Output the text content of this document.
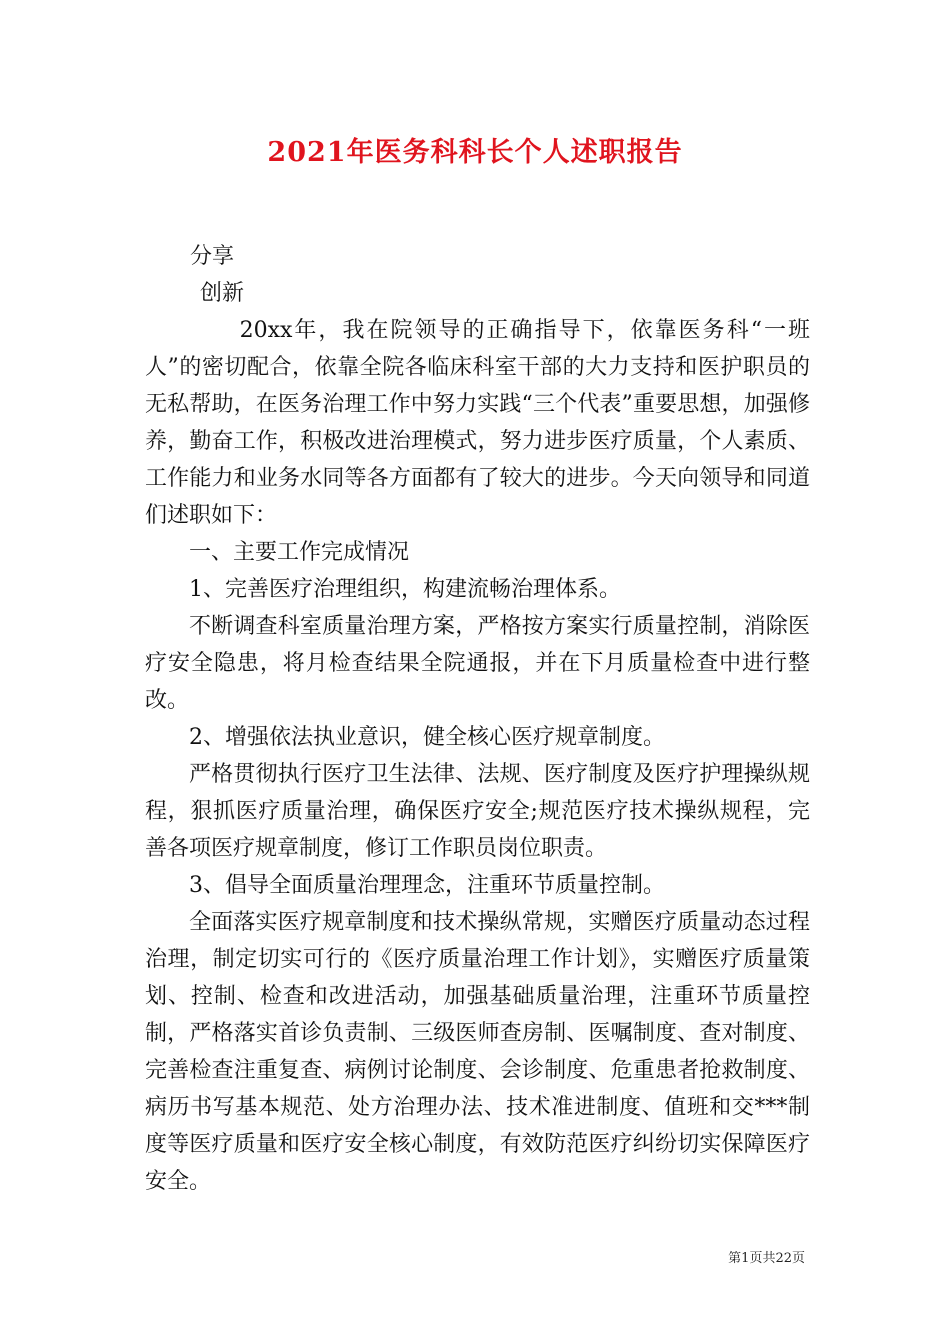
2021年医务科科长个人述职报告

分享

创新

20xx年，我在院领导的正确指导下，依靠医务科“一班人”的密切配合，依靠全院各临床科室干部的大力支持和医护职员的无私帮助，在医务治理工作中努力实践“三个代表”重要思想，加强修养，勤奋工作，积极改进治理模式，努力进步医疗质量，个人素质、工作能力和业务水同等各方面都有了较大的进步。今天向领导和同道们述职如下：

一、主要工作完成情况

1、完善医疗治理组织，构建流畅治理体系。

不断调查科室质量治理方案，严格按方案实行质量控制，消除医疗安全隐患，将月检查结果全院通报，并在下月质量检查中进行整改。

2、增强依法执业意识，健全核心医疗规章制度。

严格贯彻执行医疗卫生法律、法规、医疗制度及医疗护理操纵规程，狠抓医疗质量治理，确保医疗安全;规范医疗技术操纵规程，完善各项医疗规章制度，修订工作职员岗位职责。

3、倡导全面质量治理理念，注重环节质量控制。

全面落实医疗规章制度和技术操纵常规，实赠医疗质量动态过程治理，制定切实可行的《医疗质量治理工作计划》，实赠医疗质量策划、控制、检查和改进活动，加强基础质量治理，注重环节质量控制，严格落实首诊负责制、三级医师查房制、医嘱制度、查对制度、完善检查注重复查、病例讨论制度、会诊制度、危重患者抢救制度、病历书写基本规范、处方治理办法、技术准进制度、值班和交***制度等医疗质量和医疗安全核心制度，有效防范医疗纠纷切实保障医疗安全。

第1页共22页
